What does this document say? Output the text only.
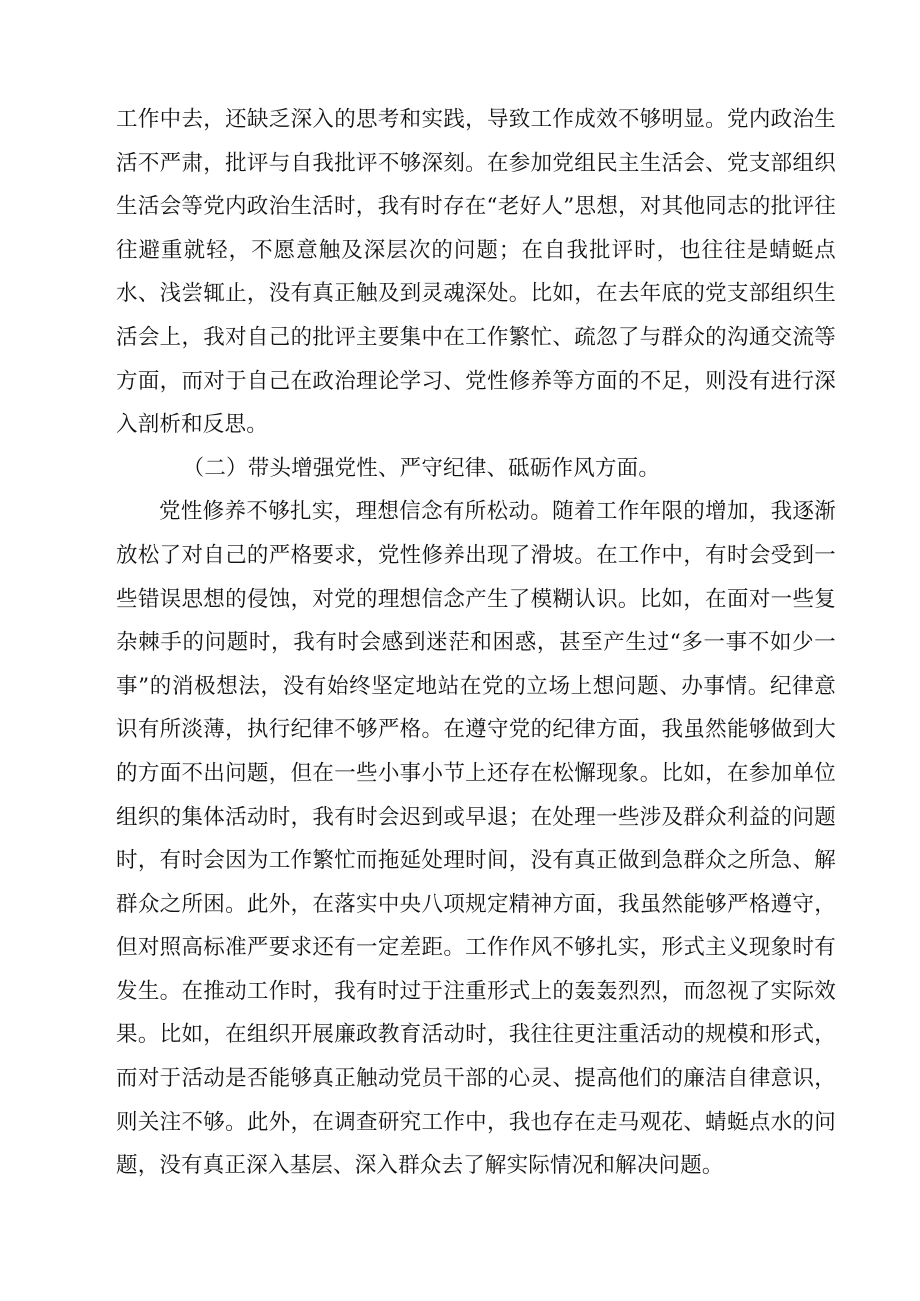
工作中去，还缺乏深入的思考和实践，导致工作成效不够明显。党内政治生活不严肃，批评与自我批评不够深刻。在参加党组民主生活会、党支部组织生活会等党内政治生活时，我有时存在“老好人”思想，对其他同志的批评往往避重就轻，不愿意触及深层次的问题；在自我批评时，也往往是蜻蜓点水、浅尝辄止，没有真正触及到灵魂深处。比如，在去年底的党支部组织生活会上，我对自己的批评主要集中在工作繁忙、疏忽了与群众的沟通交流等方面，而对于自己在政治理论学习、党性修养等方面的不足，则没有进行深入剖析和反思。

（二）带头增强党性、严守纪律、砥砺作风方面。

党性修养不够扎实，理想信念有所松动。随着工作年限的增加，我逐渐放松了对自己的严格要求，党性修养出现了滑坡。在工作中，有时会受到一些错误思想的侵蚀，对党的理想信念产生了模糊认识。比如，在面对一些复杂棘手的问题时，我有时会感到迷茫和困惑，甚至产生过“多一事不如少一事”的消极想法，没有始终坚定地站在党的立场上想问题、办事情。纪律意识有所淡薄，执行纪律不够严格。在遵守党的纪律方面，我虽然能够做到大的方面不出问题，但在一些小事小节上还存在松懈现象。比如，在参加单位组织的集体活动时，我有时会迟到或早退；在处理一些涉及群众利益的问题时，有时会因为工作繁忙而拖延处理时间，没有真正做到急群众之所急、解群众之所困。此外，在落实中央八项规定精神方面，我虽然能够严格遵守，但对照高标准严要求还有一定差距。工作作风不够扎实，形式主义现象时有发生。在推动工作时，我有时过于注重形式上的轰轰烈烈，而忽视了实际效果。比如，在组织开展廉政教育活动时，我往往更注重活动的规模和形式，而对于活动是否能够真正触动党员干部的心灵、提高他们的廉洁自律意识，则关注不够。此外，在调查研究工作中，我也存在走马观花、蜻蜓点水的问题，没有真正深入基层、深入群众去了解实际情况和解决问题。
